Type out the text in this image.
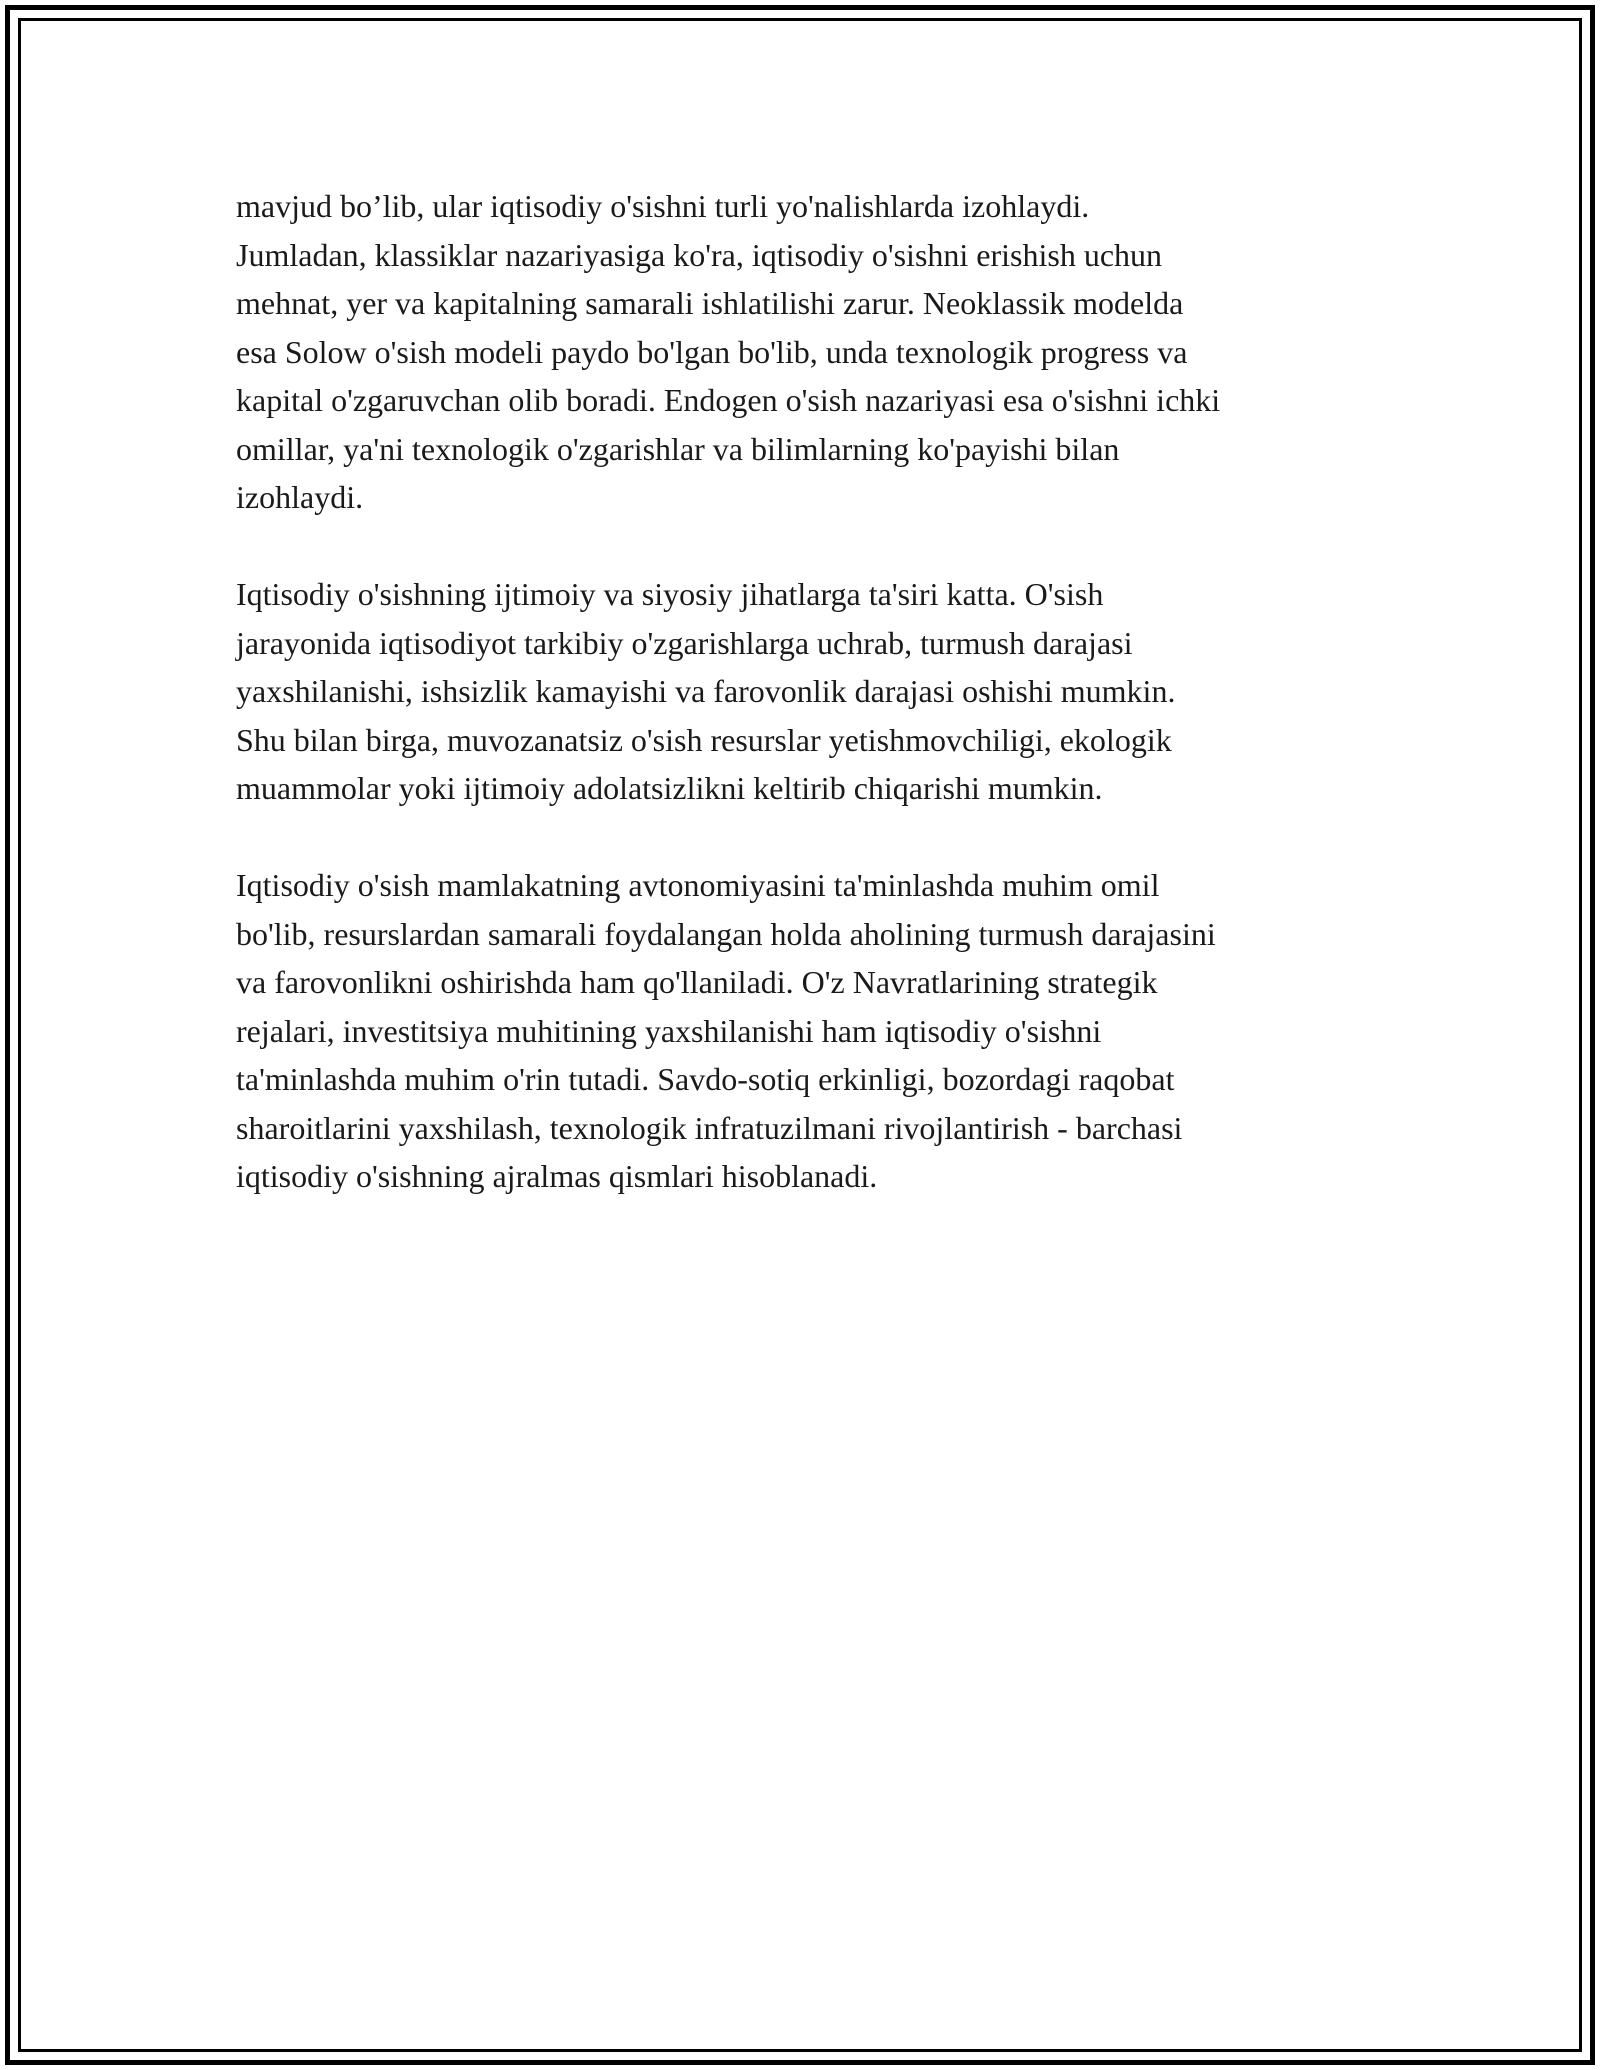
mavjud bo’lib, ular iqtisodiy o'sishni turli yo'nalishlarda izohlaydi.
Jumladan, klassiklar nazariyasiga ko'ra, iqtisodiy o'sishni erishish uchun
mehnat, yer va kapitalning samarali ishlatilishi zarur. Neoklassik modelda
esa Solow o'sish modeli paydo bo'lgan bo'lib, unda texnologik progress va
kapital o'zgaruvchan olib boradi. Endogen o'sish nazariyasi esa o'sishni ichki
omillar, ya'ni texnologik o'zgarishlar va bilimlarning ko'payishi bilan
izohlaydi.

Iqtisodiy o'sishning ijtimoiy va siyosiy jihatlarga ta'siri katta. O'sish
jarayonida iqtisodiyot tarkibiy o'zgarishlarga uchrab, turmush darajasi
yaxshilanishi, ishsizlik kamayishi va farovonlik darajasi oshishi mumkin.
Shu bilan birga, muvozanatsiz o'sish resurslar yetishmovchiligi, ekologik
muammolar yoki ijtimoiy adolatsizlikni keltirib chiqarishi mumkin.

Iqtisodiy o'sish mamlakatning avtonomiyasini ta'minlashda muhim omil
bo'lib, resurslardan samarali foydalangan holda aholining turmush darajasini
va farovonlikni oshirishda ham qo'llaniladi. O'z Navratlarining strategik
rejalari, investitsiya muhitining yaxshilanishi ham iqtisodiy o'sishni
ta'minlashda muhim o'rin tutadi. Savdo-sotiq erkinligi, bozordagi raqobat
sharoitlarini yaxshilash, texnologik infratuzilmani rivojlantirish - barchasi
iqtisodiy o'sishning ajralmas qismlari hisoblanadi.
